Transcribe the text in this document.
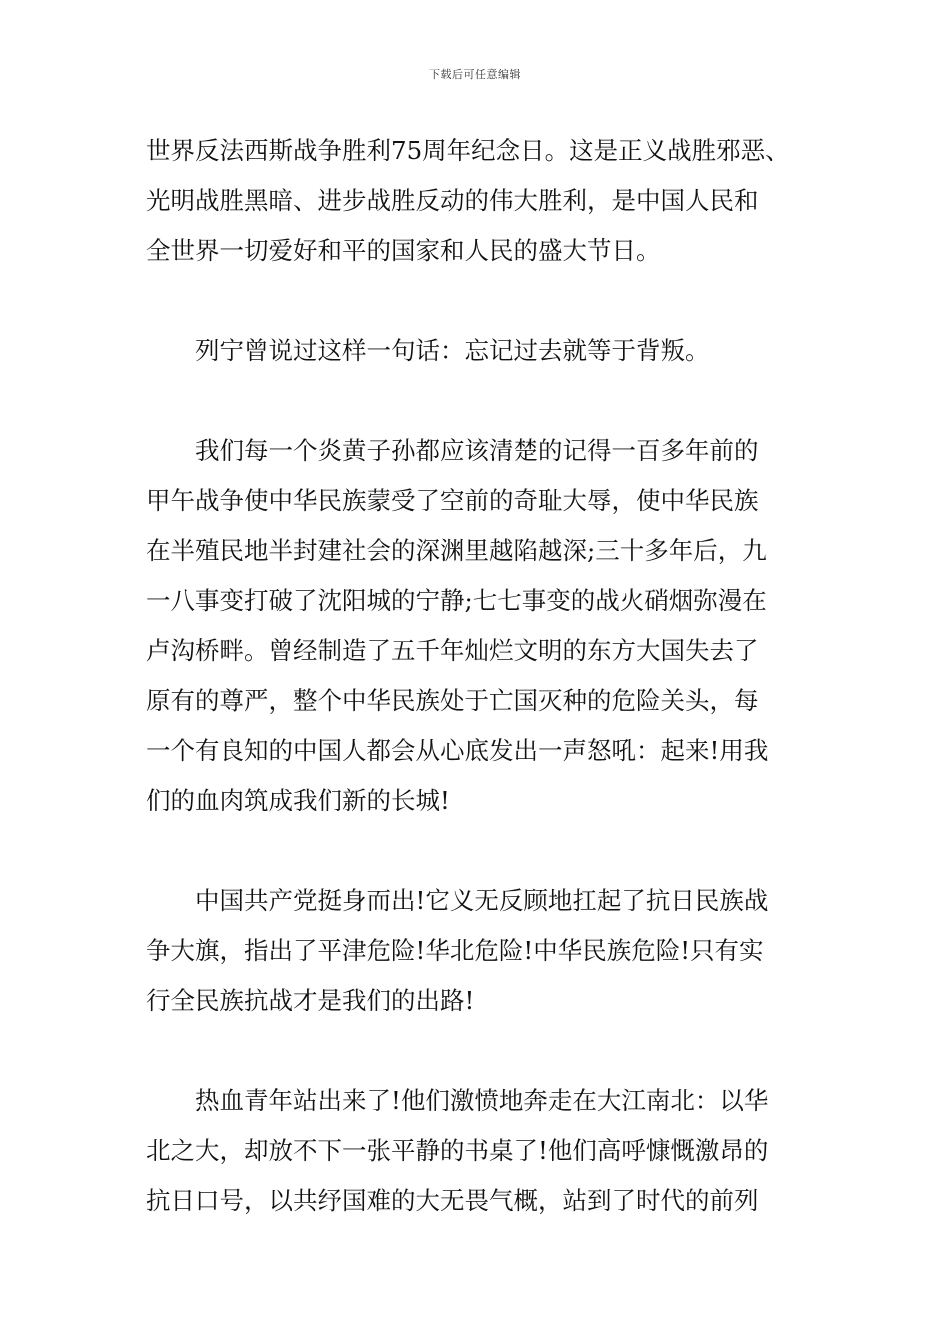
下载后可任意编辑
世界反法西斯战争胜利75周年纪念日。这是正义战胜邪恶、
光明战胜黑暗、进步战胜反动的伟大胜利，是中国人民和
全世界一切爱好和平的国家和人民的盛大节日。
　　列宁曾说过这样一句话：忘记过去就等于背叛。
　　我们每一个炎黄子孙都应该清楚的记得一百多年前的
甲午战争使中华民族蒙受了空前的奇耻大辱，使中华民族
在半殖民地半封建社会的深渊里越陷越深;三十多年后，九
一八事变打破了沈阳城的宁静;七七事变的战火硝烟弥漫在
卢沟桥畔。曾经制造了五千年灿烂文明的东方大国失去了
原有的尊严，整个中华民族处于亡国灭种的危险关头，每
一个有良知的中国人都会从心底发出一声怒吼：起来!用我
们的血肉筑成我们新的长城!
　　中国共产党挺身而出!它义无反顾地扛起了抗日民族战
争大旗，指出了平津危险!华北危险!中华民族危险!只有实
行全民族抗战才是我们的出路!
　　热血青年站出来了!他们激愤地奔走在大江南北：以华
北之大，却放不下一张平静的书桌了!他们高呼慷慨激昂的
抗日口号，以共纾国难的大无畏气概，站到了时代的前列
